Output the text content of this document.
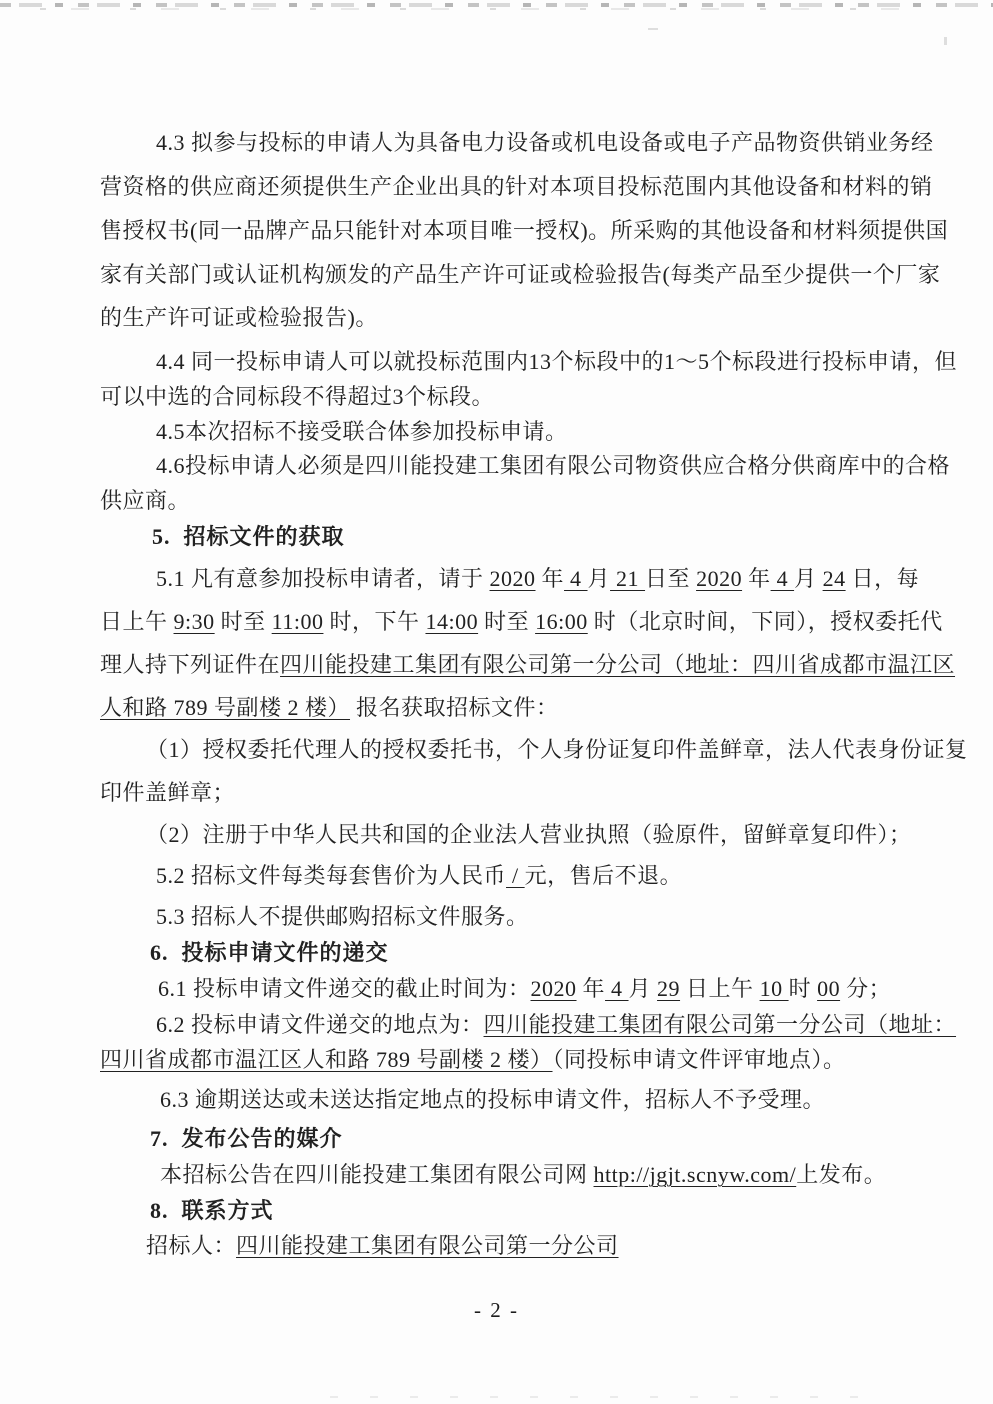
4.3 拟参与投标的申请人为具备电力设备或机电设备或电子产品物资供销业务经
营资格的供应商还须提供生产企业出具的针对本项目投标范围内其他设备和材料的销
售授权书(同一品牌产品只能针对本项目唯一授权)。所采购的其他设备和材料须提供国
家有关部门或认证机构颁发的产品生产许可证或检验报告(每类产品至少提供一个厂家
的生产许可证或检验报告)。
4.4 同一投标申请人可以就投标范围内13个标段中的1～5个标段进行投标申请，但
可以中选的合同标段不得超过3个标段。
4.5本次招标不接受联合体参加投标申请。
4.6投标申请人必须是四川能投建工集团有限公司物资供应合格分供商库中的合格
供应商。
5.  招标文件的获取
5.1 凡有意参加投标申请者，请于 2020 年 4 月 21 日至 2020 年 4 月 24 日，每
日上午 9:30 时至 11:00 时，下午 14:00 时至 16:00 时（北京时间，下同），授权委托代
理人持下列证件在四川能投建工集团有限公司第一分公司（地址：四川省成都市温江区
人和路 789 号副楼 2 楼） 报名获取招标文件：
（1）授权委托代理人的授权委托书，个人身份证复印件盖鲜章，法人代表身份证复
印件盖鲜章；
（2）注册于中华人民共和国的企业法人营业执照（验原件，留鲜章复印件）；
5.2 招标文件每类每套售价为人民币 / 元，售后不退。
5.3 招标人不提供邮购招标文件服务。
6.  投标申请文件的递交
6.1 投标申请文件递交的截止时间为：2020 年 4 月 29 日上午 10 时 00 分；
6.2 投标申请文件递交的地点为：四川能投建工集团有限公司第一分公司（地址：
四川省成都市温江区人和路 789 号副楼 2 楼）（同投标申请文件评审地点）。
6.3 逾期送达或未送达指定地点的投标申请文件，招标人不予受理。
7.  发布公告的媒介
本招标公告在四川能投建工集团有限公司网 http://jgjt.scnyw.com/上发布。
8.  联系方式
招标人：四川能投建工集团有限公司第一分公司
- 2 -
